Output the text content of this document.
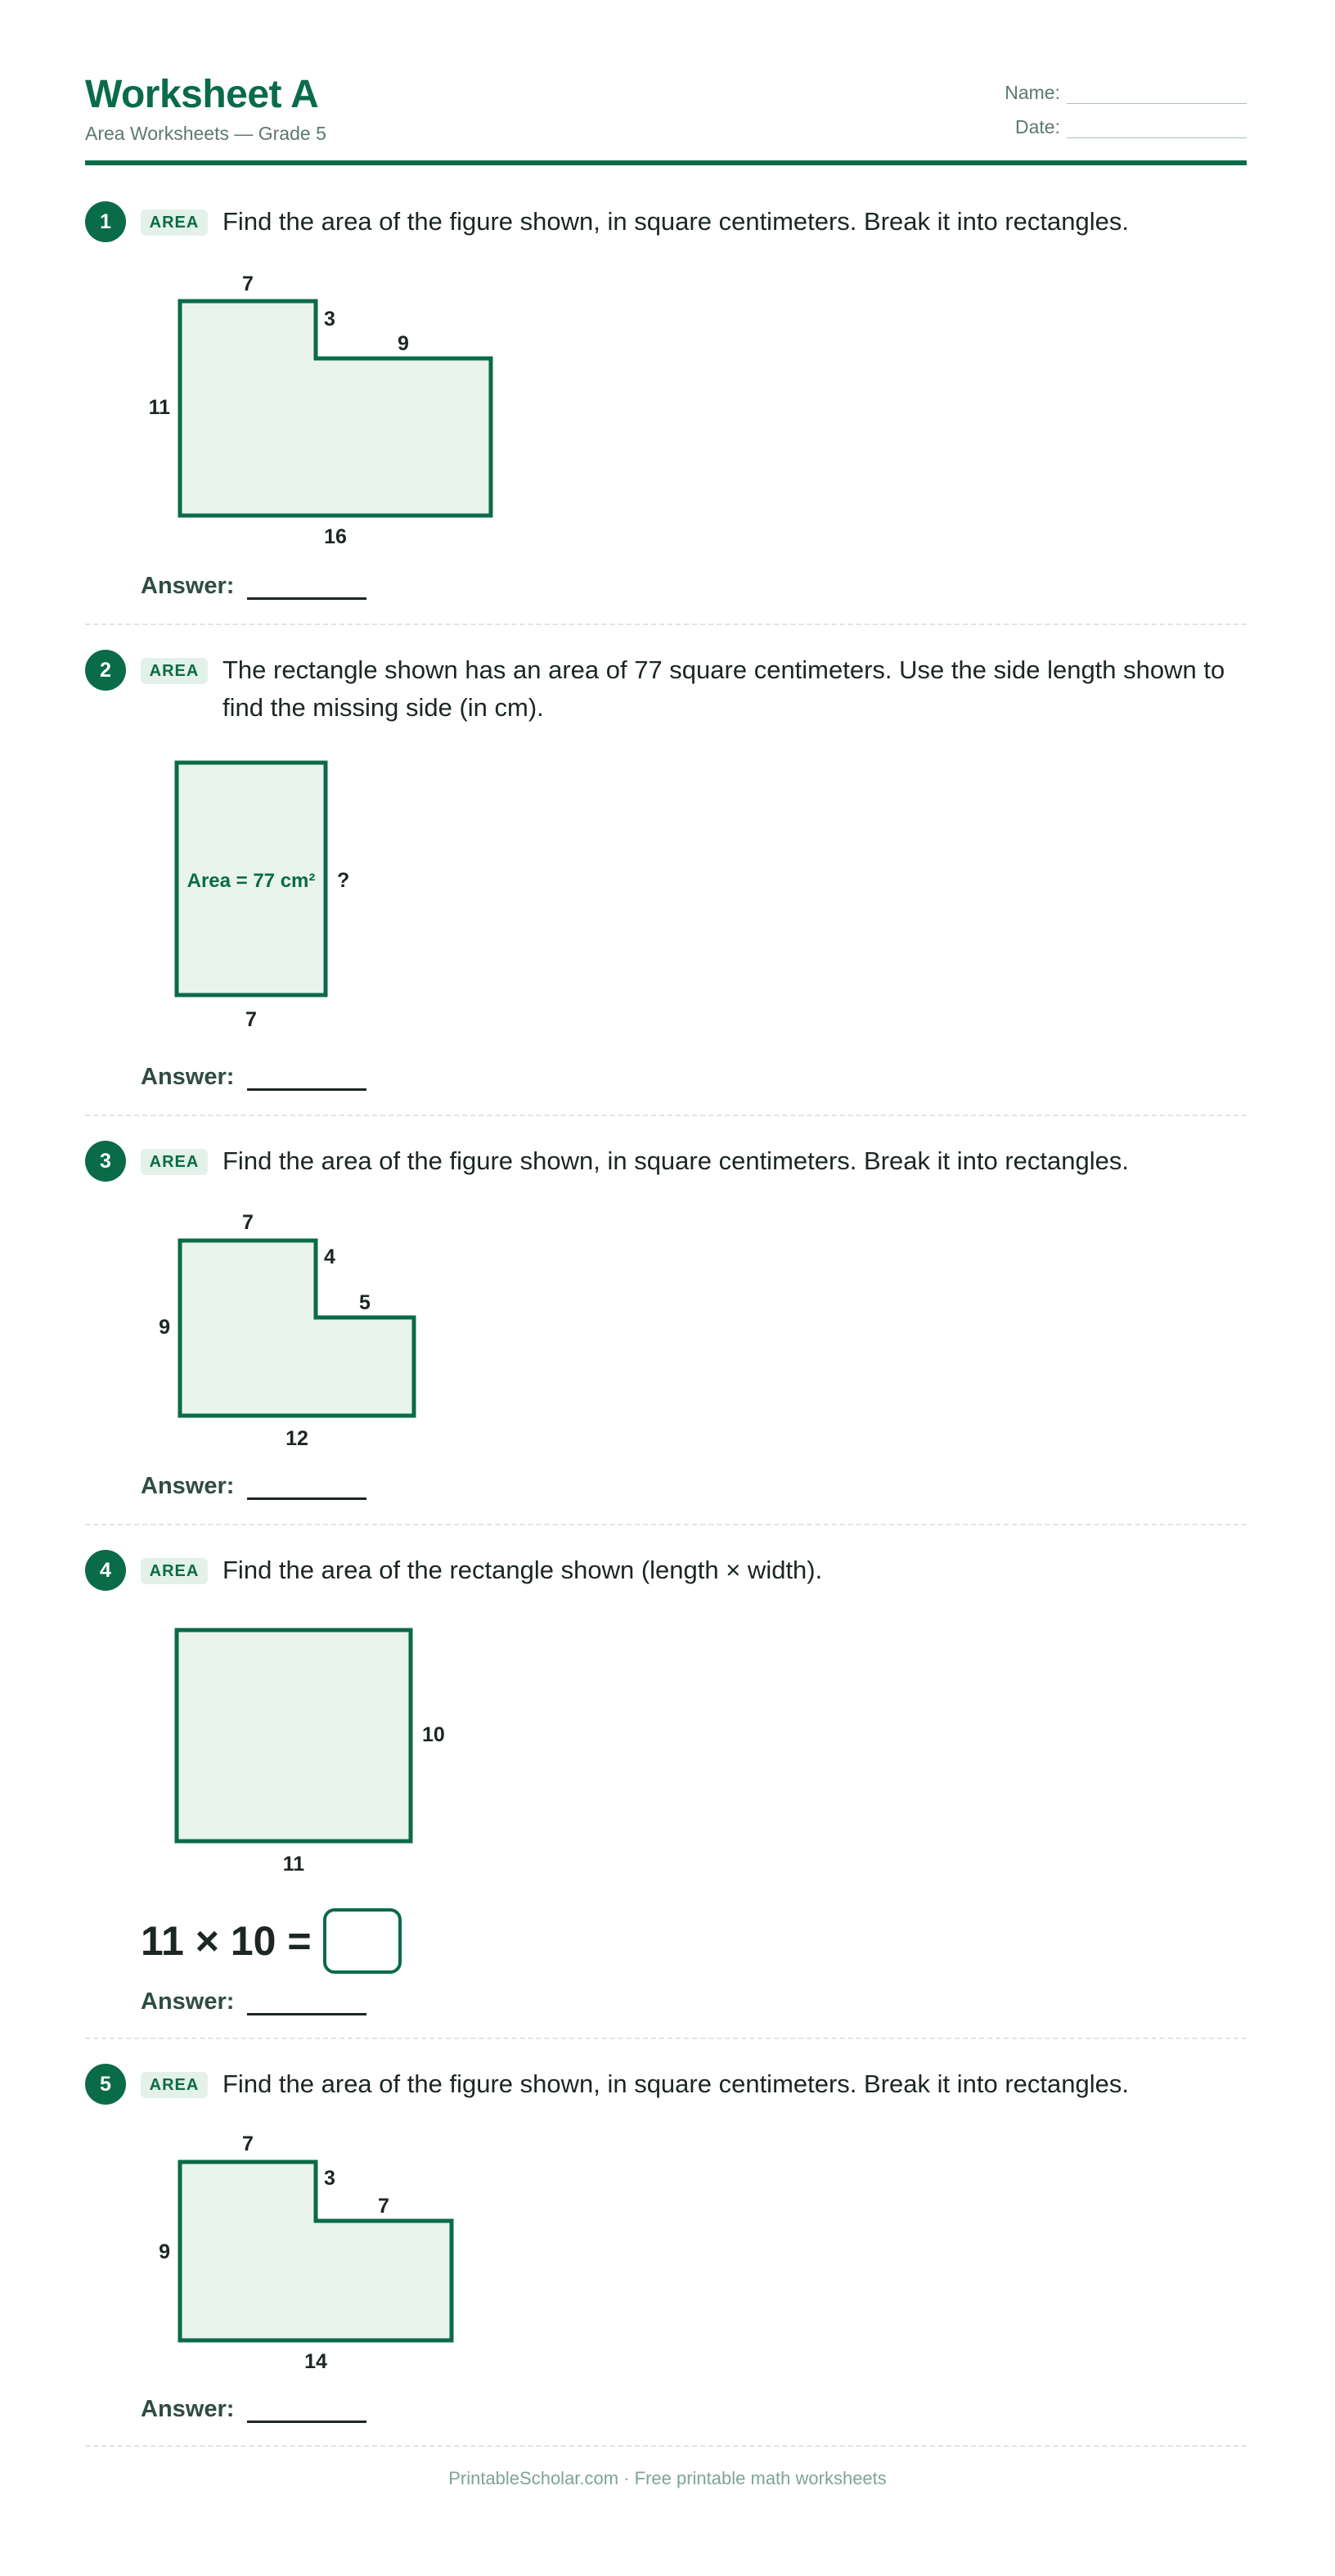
Worksheet A
Area Worksheets — Grade 5
Name:
Date:
1	AREA Find the area of the figure shown, in square centimeters. Break it into rectangles.
7
3
9
11
16
Answer:
2	AREA The rectangle shown has an area of 77 square centimeters. Use the side length shown to find the missing side (in cm).
Area = 77 cm² ?
7
Answer:
3	AREA Find the area of the figure shown, in square centimeters. Break it into rectangles.
7
4
5
9
12
Answer:
4	AREA Find the area of the rectangle shown (length × width).
10
11
11 × 10 =
Answer:
5	AREA Find the area of the figure shown, in square centimeters. Break it into rectangles.
7
3
7
9
14
Answer:
PrintableScholar.com · Free printable math worksheets
